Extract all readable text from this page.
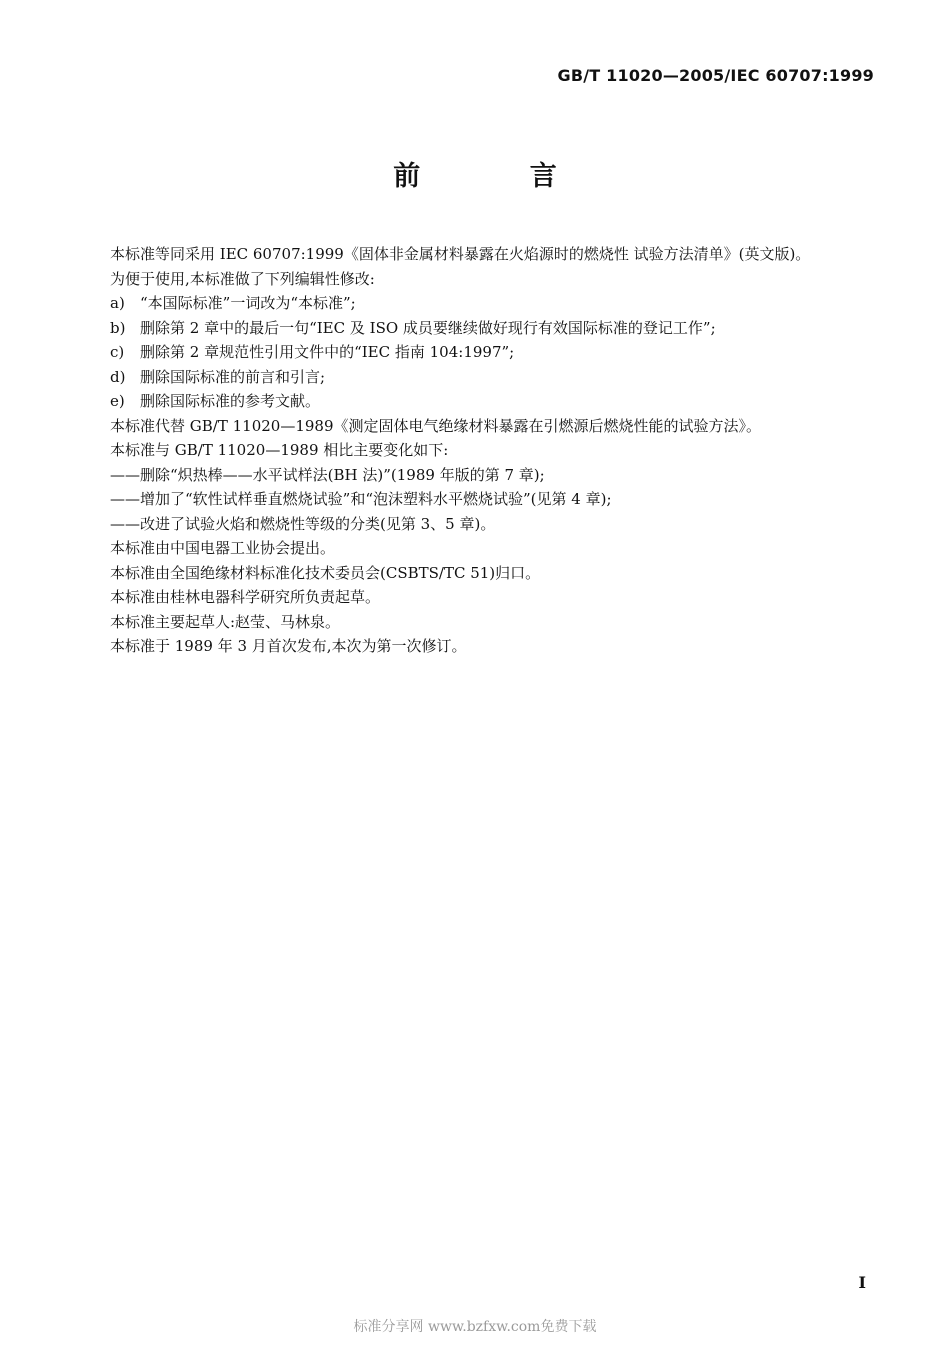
GB/T 11020—2005/IEC 60707:1999
前 言

本标准等同采用 IEC 60707:1999《固体非金属材料暴露在火焰源时的燃烧性 试验方法清单》(英文版)。

为便于使用,本标准做了下列编辑性修改:

a) “本国际标准”一词改为“本标准”;
b) 删除第 2 章中的最后一句“IEC 及 ISO 成员要继续做好现行有效国际标准的登记工作”;
c) 删除第 2 章规范性引用文件中的“IEC 指南 104:1997”;
d) 删除国际标准的前言和引言;
e) 删除国际标准的参考文献。

本标准代替 GB/T 11020—1989《测定固体电气绝缘材料暴露在引燃源后燃烧性能的试验方法》。

本标准与 GB/T 11020—1989 相比主要变化如下:

——删除“炽热棒——水平试样法(BH 法)”(1989 年版的第 7 章);

——增加了“软性试样垂直燃烧试验”和“泡沫塑料水平燃烧试验”(见第 4 章);

——改进了试验火焰和燃烧性等级的分类(见第 3、5 章)。

本标准由中国电器工业协会提出。

本标准由全国绝缘材料标准化技术委员会(CSBTS/TC 51)归口。

本标准由桂林电器科学研究所负责起草。

本标准主要起草人:赵莹、马林泉。

本标准于 1989 年 3 月首次发布,本次为第一次修订。

I
标准分享网 www.bzfxw.com免费下载
